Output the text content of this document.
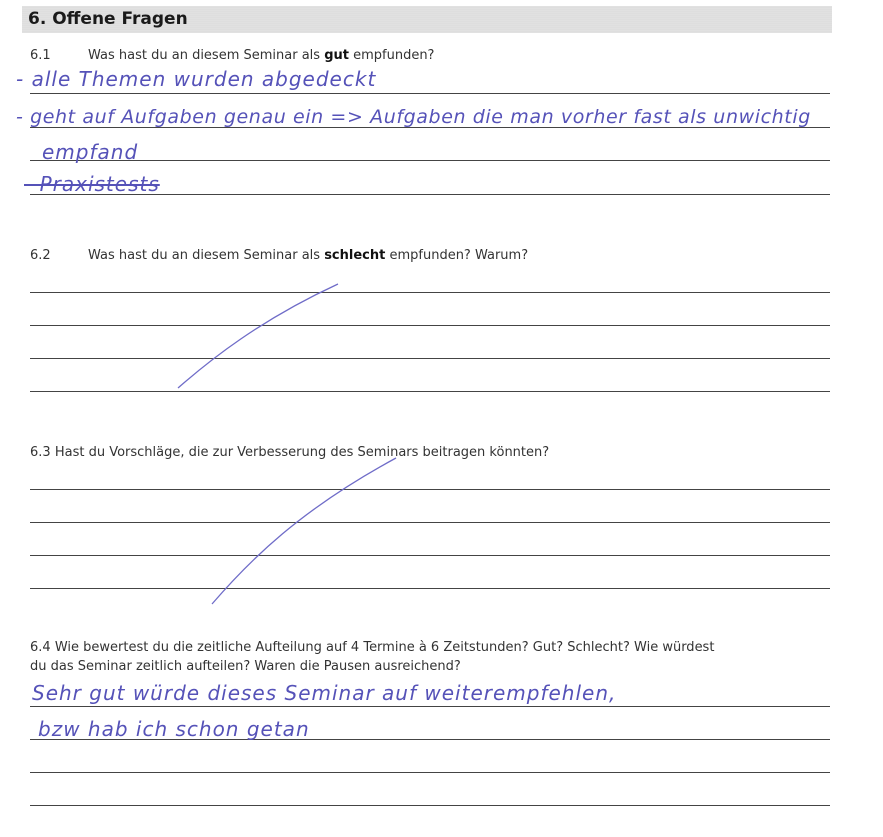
6. Offene Fragen
6.1	Was hast du an diesem Seminar als gut empfunden?
- alle Themen wurden abgedeckt
- geht auf Aufgaben genau ein => Aufgaben die man vorher fast als unwichtig
empfand
- Praxistests
6.2	Was hast du an diesem Seminar als schlecht empfunden? Warum?
6.3 Hast du Vorschläge, die zur Verbesserung des Seminars beitragen könnten?
6.4 Wie bewertest du die zeitliche Aufteilung auf 4 Termine à 6 Zeitstunden? Gut? Schlecht? Wie würdest
du das Seminar zeitlich aufteilen? Waren die Pausen ausreichend?
Sehr gut würde dieses Seminar auf weiterempfehlen,
bzw hab ich schon getan
